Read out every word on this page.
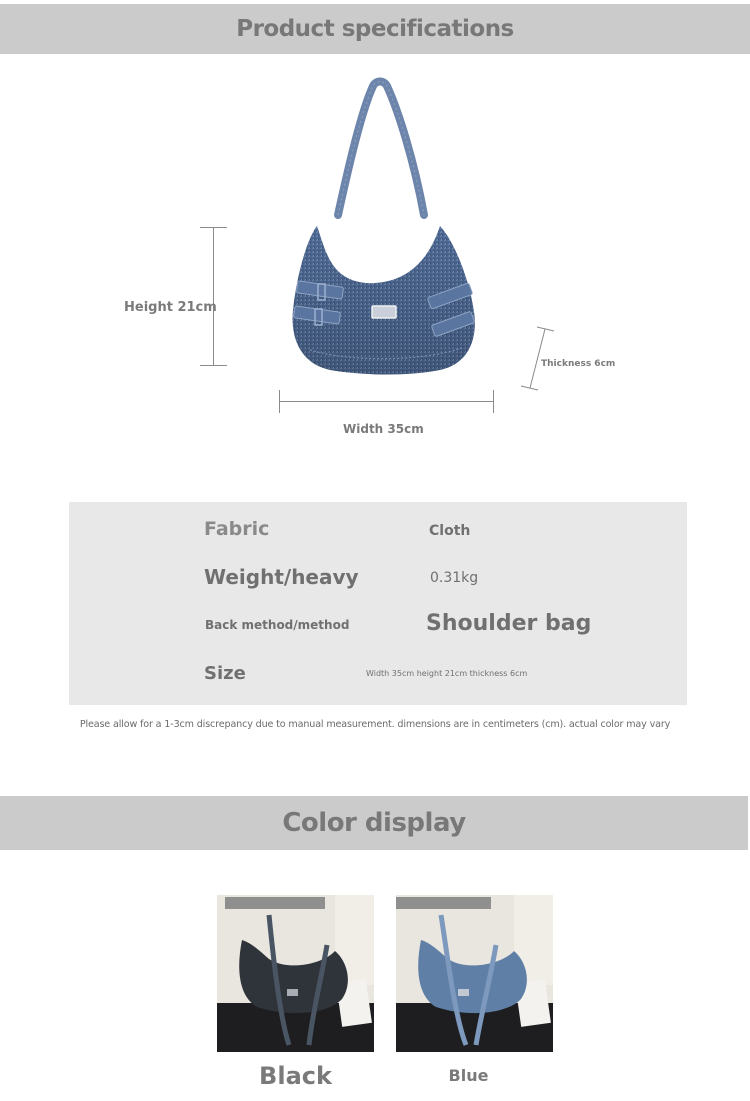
Product specifications
Height 21cm
Width 35cm
Thickness 6cm
Fabric	Cloth
Weight/heavy	0.31kg
Back method/method	Shoulder bag
Size	Width 35cm height 21cm thickness 6cm
Please allow for a 1-3cm discrepancy due to manual measurement. dimensions are in centimeters (cm). actual color may vary
Color display
Black	Blue
